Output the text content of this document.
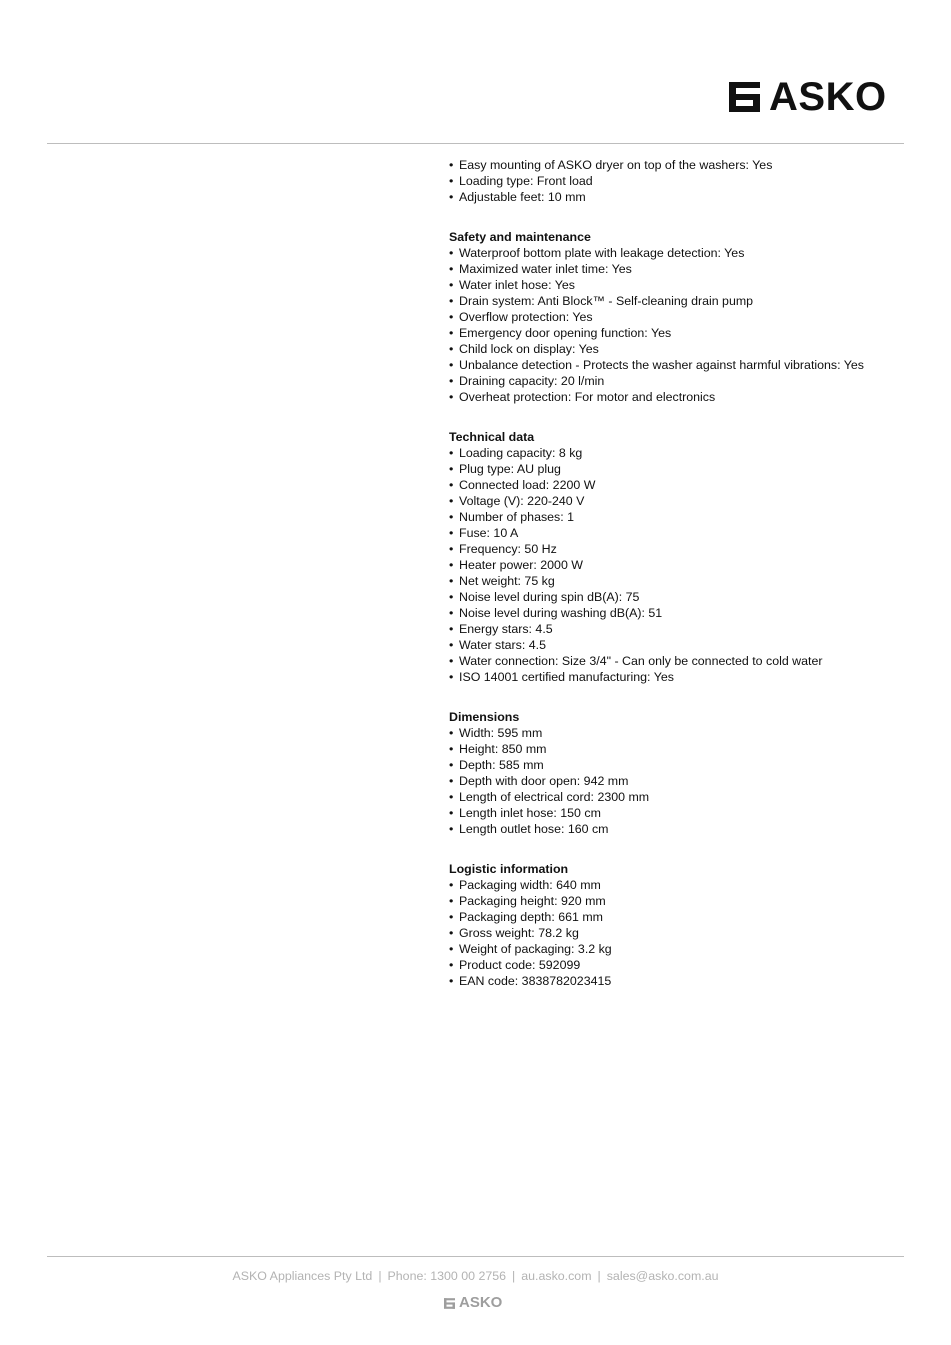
ASKO
• Easy mounting of ASKO dryer on top of the washers: Yes
• Loading type: Front load
• Adjustable feet: 10 mm
Safety and maintenance
• Waterproof bottom plate with leakage detection: Yes
• Maximized water inlet time: Yes
• Water inlet hose: Yes
• Drain system: Anti Block™ - Self-cleaning drain pump
• Overflow protection: Yes
• Emergency door opening function: Yes
• Child lock on display: Yes
• Unbalance detection - Protects the washer against harmful vibrations: Yes
• Draining capacity: 20 l/min
• Overheat protection: For motor and electronics
Technical data
• Loading capacity: 8 kg
• Plug type: AU plug
• Connected load: 2200 W
• Voltage (V): 220-240 V
• Number of phases: 1
• Fuse: 10 A
• Frequency: 50 Hz
• Heater power: 2000 W
• Net weight: 75 kg
• Noise level during spin dB(A): 75
• Noise level during washing dB(A): 51
• Energy stars: 4.5
• Water stars: 4.5
• Water connection: Size 3/4" - Can only be connected to cold water
• ISO 14001 certified manufacturing: Yes
Dimensions
• Width: 595 mm
• Height: 850 mm
• Depth: 585 mm
• Depth with door open: 942 mm
• Length of electrical cord: 2300 mm
• Length inlet hose: 150 cm
• Length outlet hose: 160 cm
Logistic information
• Packaging width: 640 mm
• Packaging height: 920 mm
• Packaging depth: 661 mm
• Gross weight: 78.2 kg
• Weight of packaging: 3.2 kg
• Product code: 592099
• EAN code: 3838782023415
ASKO Appliances Pty Ltd | Phone: 1300 00 2756 | au.asko.com | sales@asko.com.au
ASKO
